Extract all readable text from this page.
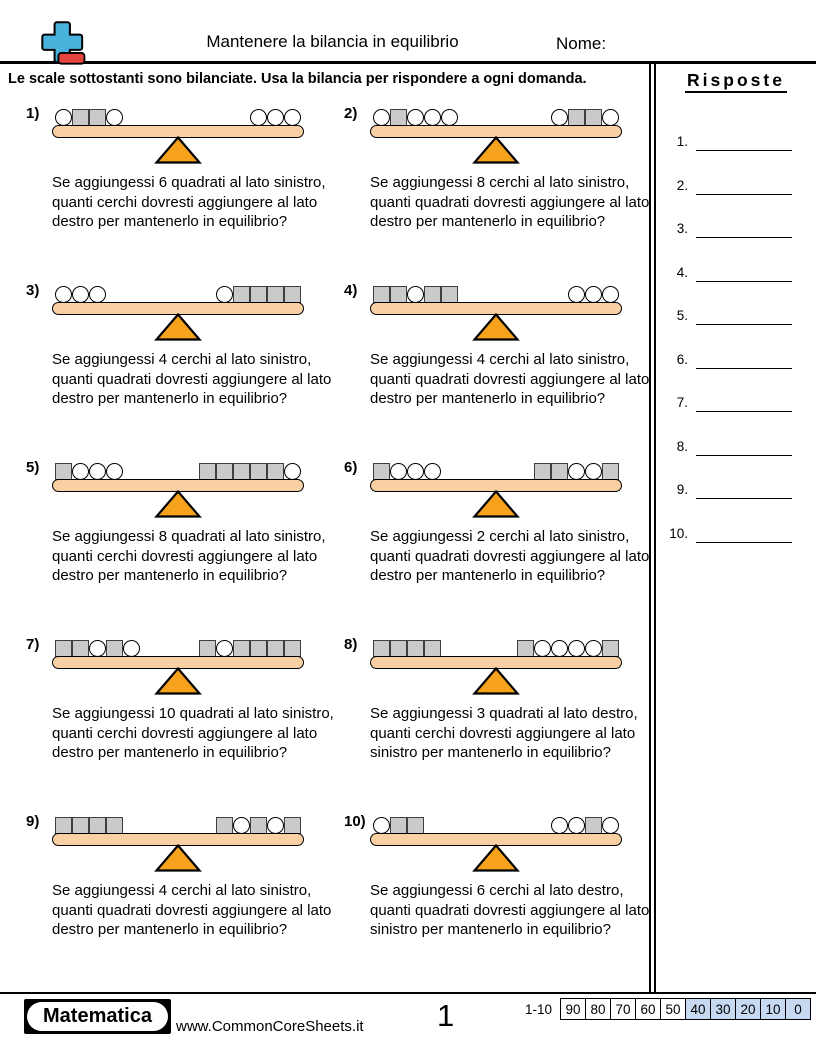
Mantenere la bilancia in equilibrio	Nome:
Le scale sottostanti sono bilanciate. Usa la bilancia per rispondere a ogni domanda.
1)
Se aggiungessi 6 quadrati al lato sinistro, quanti cerchi dovresti aggiungere al lato destro per mantenerlo in equilibrio?
2)
Se aggiungessi 8 cerchi al lato sinistro, quanti quadrati dovresti aggiungere al lato destro per mantenerlo in equilibrio?
3)
Se aggiungessi 4 cerchi al lato sinistro, quanti quadrati dovresti aggiungere al lato destro per mantenerlo in equilibrio?
4)
Se aggiungessi 4 cerchi al lato sinistro, quanti quadrati dovresti aggiungere al lato destro per mantenerlo in equilibrio?
5)
Se aggiungessi 8 quadrati al lato sinistro, quanti cerchi dovresti aggiungere al lato destro per mantenerlo in equilibrio?
6)
Se aggiungessi 2 cerchi al lato sinistro, quanti quadrati dovresti aggiungere al lato destro per mantenerlo in equilibrio?
7)
Se aggiungessi 10 quadrati al lato sinistro, quanti cerchi dovresti aggiungere al lato destro per mantenerlo in equilibrio?
8)
Se aggiungessi 3 quadrati al lato destro, quanti cerchi dovresti aggiungere al lato sinistro per mantenerlo in equilibrio?
9)
Se aggiungessi 4 cerchi al lato sinistro, quanti quadrati dovresti aggiungere al lato destro per mantenerlo in equilibrio?
10)
Se aggiungessi 6 cerchi al lato destro, quanti quadrati dovresti aggiungere al lato sinistro per mantenerlo in equilibrio?
Risposte
1.
2.
3.
4.
5.
6.
7.
8.
9.
10.
Matematica	www.CommonCoreSheets.it 1	1-10 90	80	70	60	50	40	30	20	10	0
